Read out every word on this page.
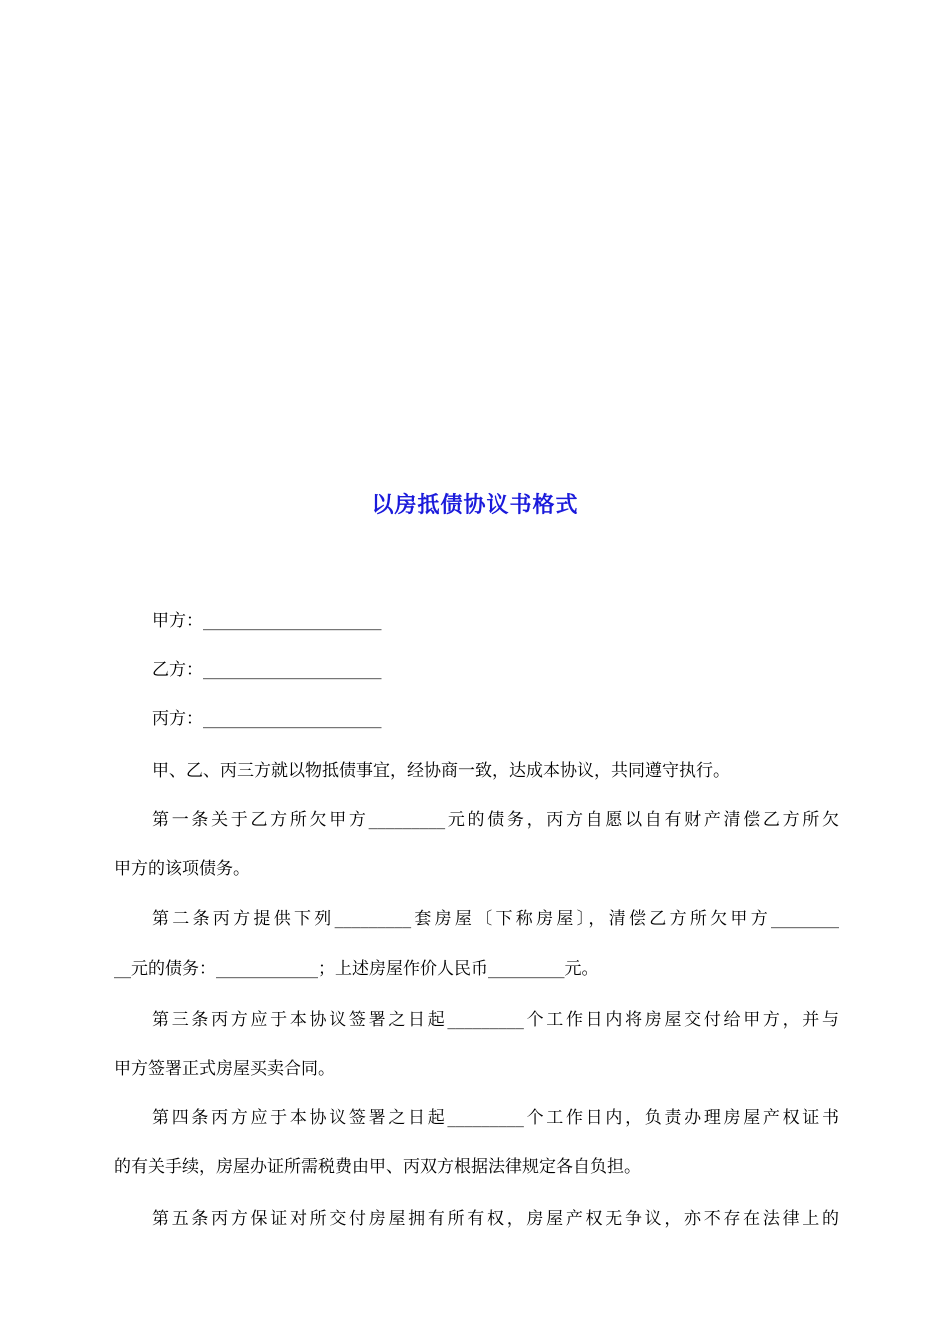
以房抵债协议书格式
甲方：_____________________
乙方：_____________________
丙方：_____________________
甲、乙、丙三方就以物抵债事宜，经协商一致，达成本协议，共同遵守执行。
第一条关于乙方所欠甲方_________元的债务，丙方自愿以自有财产清偿乙方所欠
甲方的该项债务。
第二条丙方提供下列_________套房屋〔下称房屋〕，清偿乙方所欠甲方________
__元的债务：____________；上述房屋作价人民币_________元。
第三条丙方应于本协议签署之日起_________个工作日内将房屋交付给甲方，并与
甲方签署正式房屋买卖合同。
第四条丙方应于本协议签署之日起_________个工作日内，负责办理房屋产权证书
的有关手续，房屋办证所需税费由甲、丙双方根据法律规定各自负担。
第五条丙方保证对所交付房屋拥有所有权，房屋产权无争议，亦不存在法律上的
